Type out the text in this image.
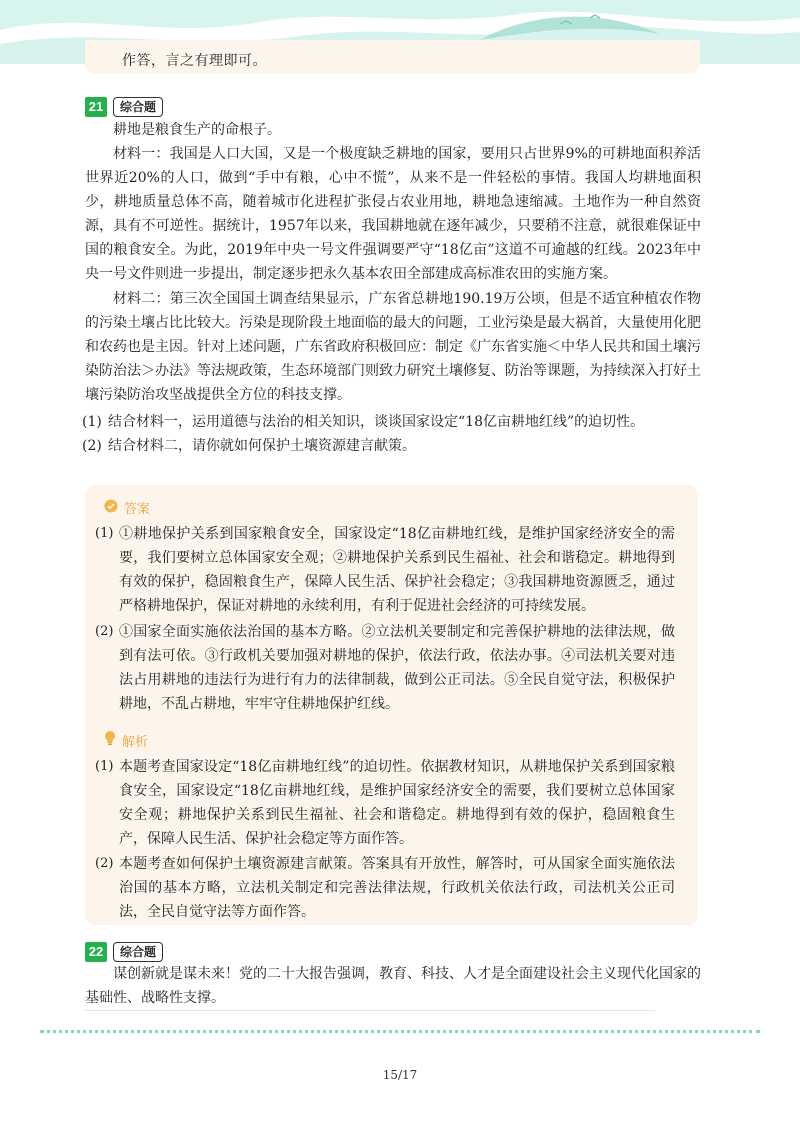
作答，言之有理即可。
21	综合题

耕地是粮食生产的命根子。

材料一：我国是人口大国，又是一个极度缺乏耕地的国家，要用只占世界9%的可耕地面积养活世界近20%的人口，做到“手中有粮，心中不慌”，从来不是一件轻松的事情。我国人均耕地面积少，耕地质量总体不高，随着城市化进程扩张侵占农业用地，耕地急速缩减。土地作为一种自然资源，具有不可逆性。据统计，1957年以来，我国耕地就在逐年减少，只要稍不注意，就很难保证中国的粮食安全。为此，2019年中央一号文件强调要严守“18亿亩”这道不可逾越的红线。2023年中央一号文件则进一步提出，制定逐步把永久基本农田全部建成高标准农田的实施方案。

材料二：第三次全国国土调查结果显示，广东省总耕地190.19万公顷，但是不适宜种植农作物的污染土壤占比比较大。污染是现阶段土地面临的最大的问题，工业污染是最大祸首，大量使用化肥和农药也是主因。针对上述问题，广东省政府积极回应：制定《广东省实施＜中华人民共和国土壤污染防治法＞办法》等法规政策，生态环境部门则致力研究土壤修复、防治等课题，为持续深入打好土壤污染防治攻坚战提供全方位的科技支撑。

(1) 结合材料一，运用道德与法治的相关知识，谈谈国家设定“18亿亩耕地红线”的迫切性。
(2) 结合材料二，请你就如何保护土壤资源建言献策。
答案
(1) ①耕地保护关系到国家粮食安全，国家设定“18亿亩耕地红线，是维护国家经济安全的需要，我们要树立总体国家安全观；②耕地保护关系到民生福祉、社会和谐稳定。耕地得到有效的保护，稳固粮食生产，保障人民生活、保护社会稳定；③我国耕地资源匮乏，通过严格耕地保护，保证对耕地的永续利用，有利于促进社会经济的可持续发展。
(2) ①国家全面实施依法治国的基本方略。②立法机关要制定和完善保护耕地的法律法规，做到有法可依。③行政机关要加强对耕地的保护，依法行政，依法办事。④司法机关要对违法占用耕地的违法行为进行有力的法律制裁，做到公正司法。⑤全民自觉守法，积极保护耕地，不乱占耕地，牢牢守住耕地保护红线。
解析
(1) 本题考查国家设定“18亿亩耕地红线”的迫切性。依据教材知识，从耕地保护关系到国家粮食安全，国家设定“18亿亩耕地红线，是维护国家经济安全的需要，我们要树立总体国家安全观；耕地保护关系到民生福祉、社会和谐稳定。耕地得到有效的保护，稳固粮食生产，保障人民生活、保护社会稳定等方面作答。
(2) 本题考查如何保护土壤资源建言献策。答案具有开放性，解答时，可从国家全面实施依法治国的基本方略，立法机关制定和完善法律法规，行政机关依法行政，司法机关公正司法，全民自觉守法等方面作答。
22	综合题

谋创新就是谋未来！党的二十大报告强调，教育、科技、人才是全面建设社会主义现代化国家的基础性、战略性支撑。

15/17
